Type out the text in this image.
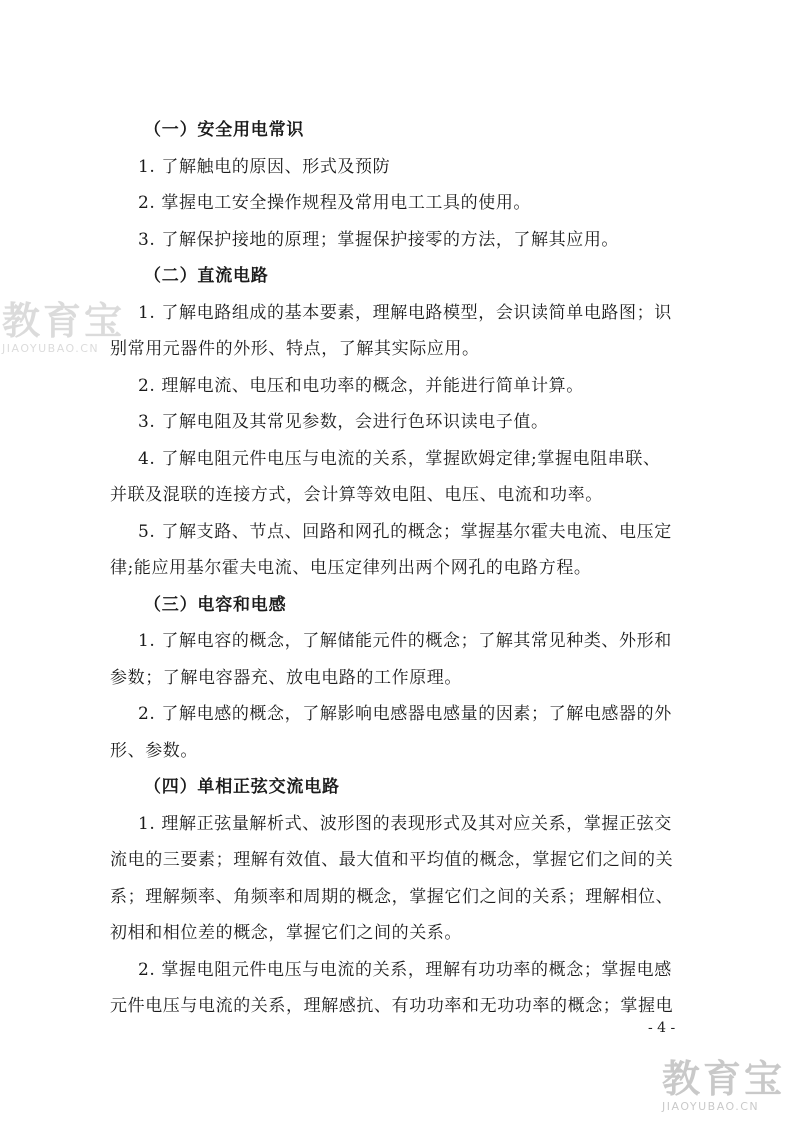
（一）安全用电常识
1. 了解触电的原因、形式及预防
2. 掌握电工安全操作规程及常用电工工具的使用。
3. 了解保护接地的原理；掌握保护接零的方法，了解其应用。
（二）直流电路
1. 了解电路组成的基本要素，理解电路模型，会识读简单电路图；识
别常用元器件的外形、特点，了解其实际应用。
2. 理解电流、电压和电功率的概念，并能进行简单计算。
3. 了解电阻及其常见参数，会进行色环识读电子值。
4. 了解电阻元件电压与电流的关系，掌握欧姆定律;掌握电阻串联、
并联及混联的连接方式，会计算等效电阻、电压、电流和功率。
5. 了解支路、节点、回路和网孔的概念；掌握基尔霍夫电流、电压定
律;能应用基尔霍夫电流、电压定律列出两个网孔的电路方程。
（三）电容和电感
1. 了解电容的概念，了解储能元件的概念；了解其常见种类、外形和
参数；了解电容器充、放电电路的工作原理。
2. 了解电感的概念，了解影响电感器电感量的因素；了解电感器的外
形、参数。
（四）单相正弦交流电路
1. 理解正弦量解析式、波形图的表现形式及其对应关系，掌握正弦交
流电的三要素；理解有效值、最大值和平均值的概念，掌握它们之间的关
系；理解频率、角频率和周期的概念，掌握它们之间的关系；理解相位、
初相和相位差的概念，掌握它们之间的关系。
2. 掌握电阻元件电压与电流的关系，理解有功功率的概念；掌握电感
元件电压与电流的关系，理解感抗、有功功率和无功功率的概念；掌握电
- 4 -
教育宝
JIAOYUBAO.CN
教育宝
JIAOYUBAO.CN
